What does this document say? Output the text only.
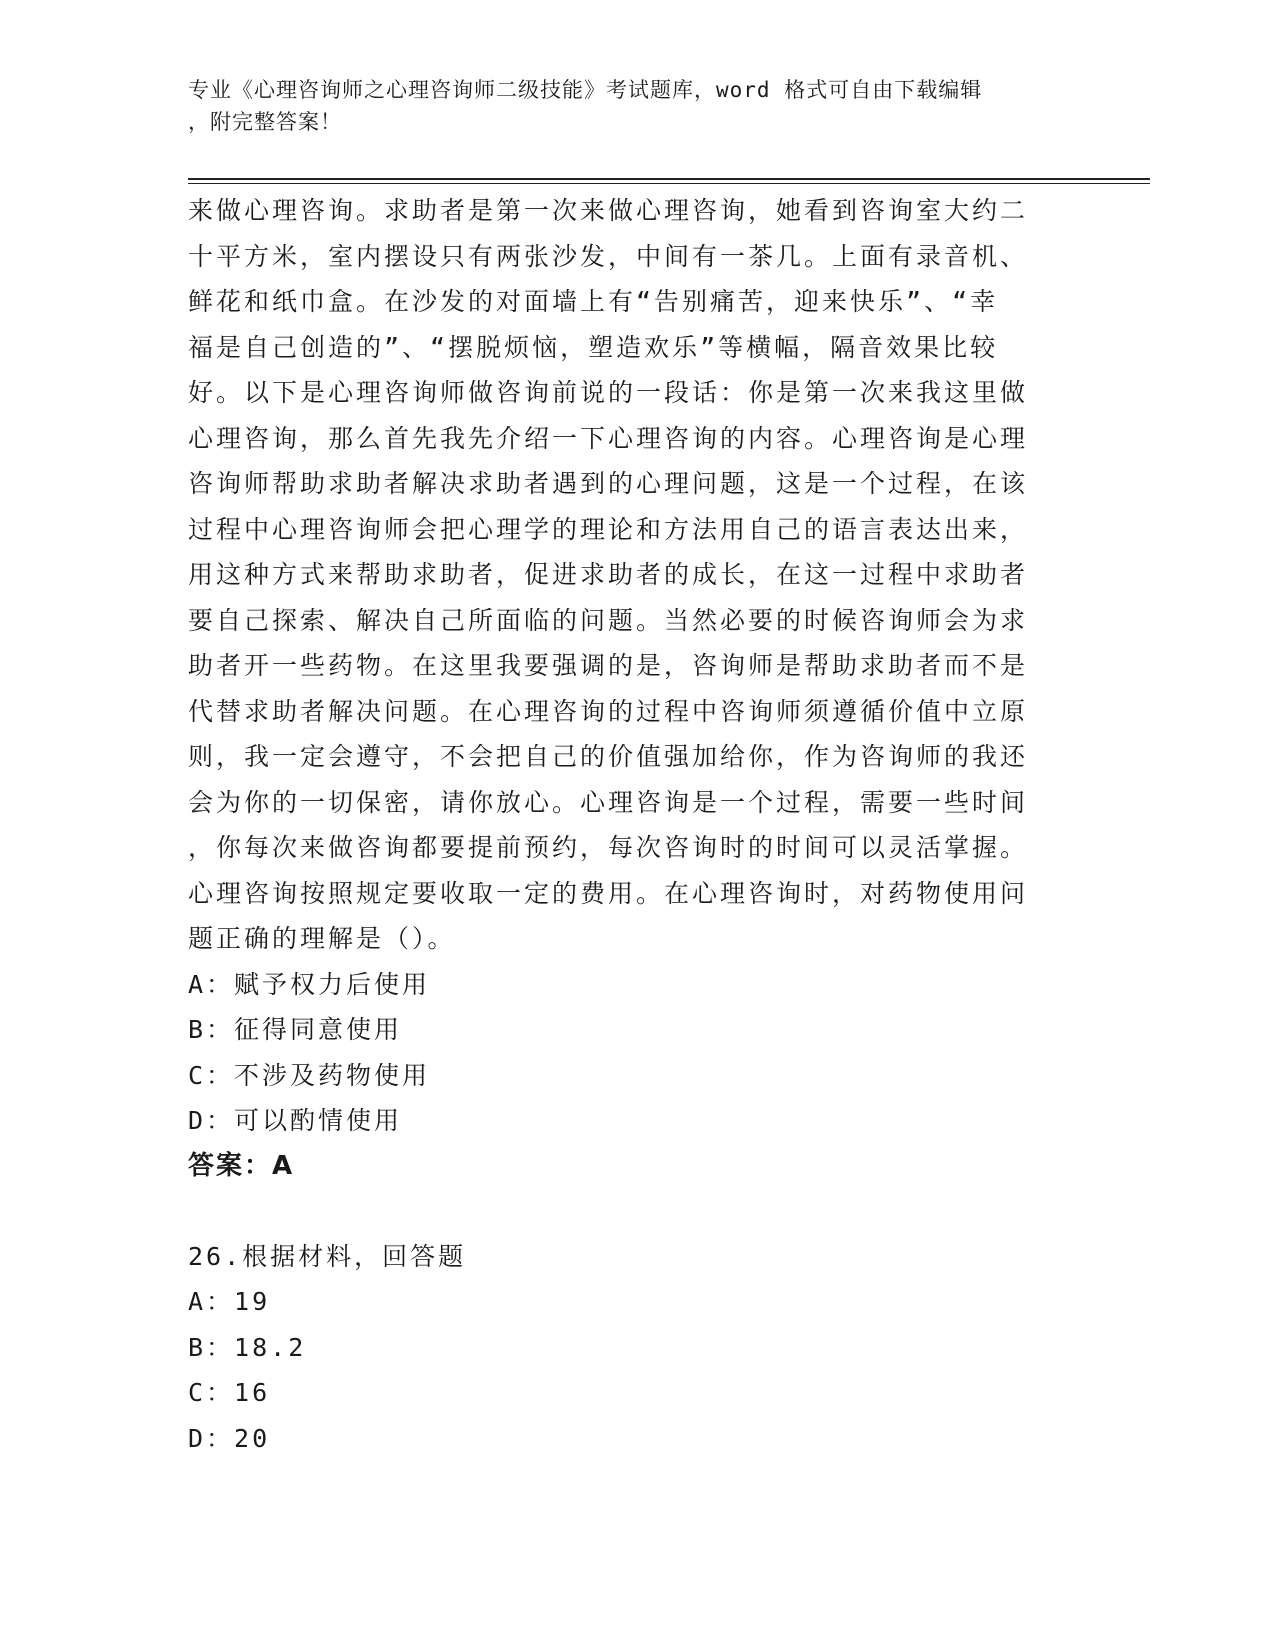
专业《心理咨询师之心理咨询师二级技能》考试题库，word 格式可自由下载编辑
，附完整答案！

来做心理咨询。求助者是第一次来做心理咨询，她看到咨询室大约二

十平方米，室内摆设只有两张沙发，中间有一茶几。上面有录音机、

鲜花和纸巾盒。在沙发的对面墙上有“告别痛苦，迎来快乐”、“幸

福是自己创造的”、“摆脱烦恼，塑造欢乐”等横幅，隔音效果比较

好。以下是心理咨询师做咨询前说的一段话：你是第一次来我这里做

心理咨询，那么首先我先介绍一下心理咨询的内容。心理咨询是心理

咨询师帮助求助者解决求助者遇到的心理问题，这是一个过程，在该

过程中心理咨询师会把心理学的理论和方法用自己的语言表达出来，

用这种方式来帮助求助者，促进求助者的成长，在这一过程中求助者

要自己探索、解决自己所面临的问题。当然必要的时候咨询师会为求

助者开一些药物。在这里我要强调的是，咨询师是帮助求助者而不是

代替求助者解决问题。在心理咨询的过程中咨询师须遵循价值中立原

则，我一定会遵守，不会把自己的价值强加给你，作为咨询师的我还

会为你的一切保密，请你放心。心理咨询是一个过程，需要一些时间

，你每次来做咨询都要提前预约，每次咨询时的时间可以灵活掌握。

心理咨询按照规定要收取一定的费用。在心理咨询时，对药物使用问

题正确的理解是（）。

A：赋予权力后使用

B：征得同意使用

C：不涉及药物使用

D：可以酌情使用

答案：A

26.根据材料，回答题

A：19

B：18.2

C：16

D：20
